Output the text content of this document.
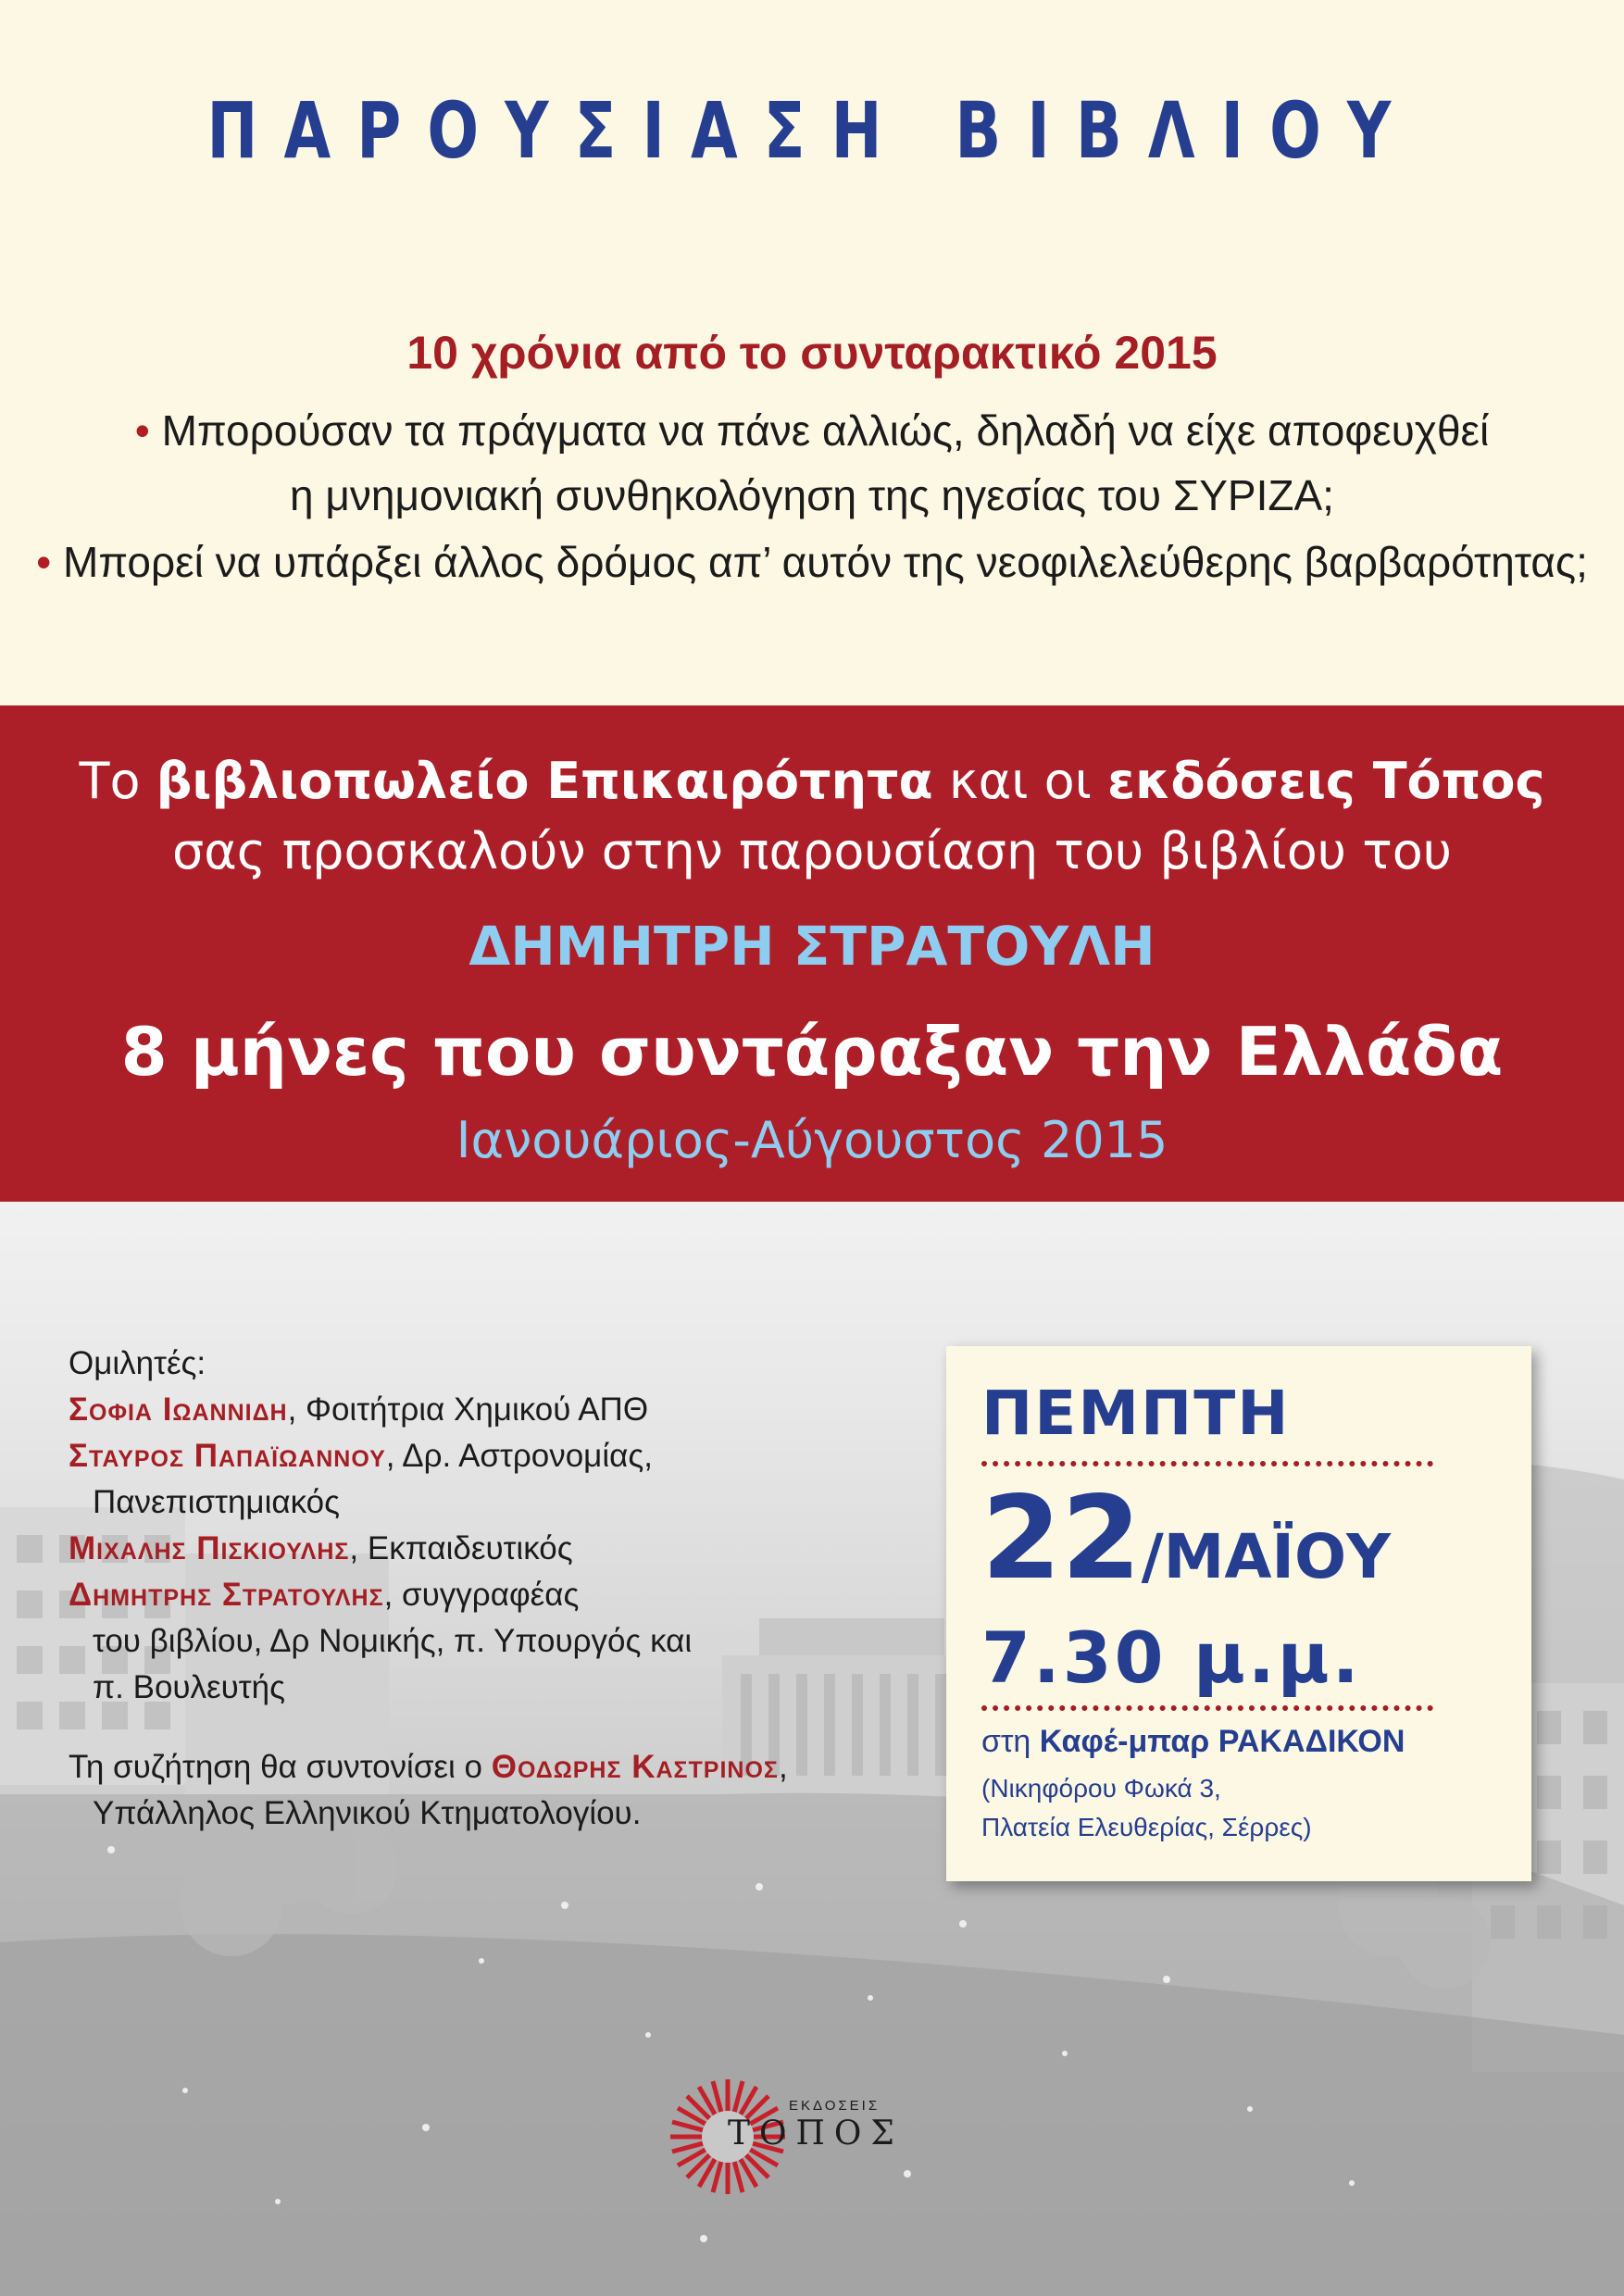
ΠΑΡΟΥΣΙΑΣΗ ΒΙΒΛΙΟΥ
10 χρόνια από το συνταρακτικό 2015
• Μπορούσαν τα πράγματα να πάνε αλλιώς, δηλαδή να είχε αποφευχθεί
η μνημονιακή συνθηκολόγηση της ηγεσίας του ΣΥΡΙΖΑ;
• Μπορεί να υπάρξει άλλος δρόμος απ’ αυτόν της νεοφιλελεύθερης βαρβαρότητας;
Το βιβλιοπωλείο Επικαιρότητα και οι εκδόσεις Τόπος
σας προσκαλούν στην παρουσίαση του βιβλίου του
ΔΗΜΗΤΡΗ ΣΤΡΑΤΟΥΛΗ
8 μήνες που συντάραξαν την Ελλάδα
Ιανουάριος-Αύγουστος 2015
Ομιλητές:
Σοφια Ιωαννιδη, Φοιτήτρια Χημικού ΑΠΘ
Σταυρος Παπαϊωαννου, Δρ. Αστρονομίας,
Πανεπιστημιακός
Μιχαλης Πισκιουλης, Εκπαιδευτικός
Δημητρης Στρατουλης, συγγραφέας
του βιβλίου, Δρ Νομικής, π. Υπουργός και
π. Βουλευτής
Τη συζήτηση θα συντονίσει ο Θοδωρης Καστρινος,
Υπάλληλος Ελληνικού Κτηματολογίου.
ΠΕΜΠΤΗ
22/ΜΑΪΟΥ
7.30 μ.μ.
στη Καφέ-μπαρ ΡΑΚΑΔΙΚΟΝ
(Νικηφόρου Φωκά 3,
Πλατεία Ελευθερίας, Σέρρες)
ΕΚΔΟΣΕΙΣ
ΤΟΠΟΣ
